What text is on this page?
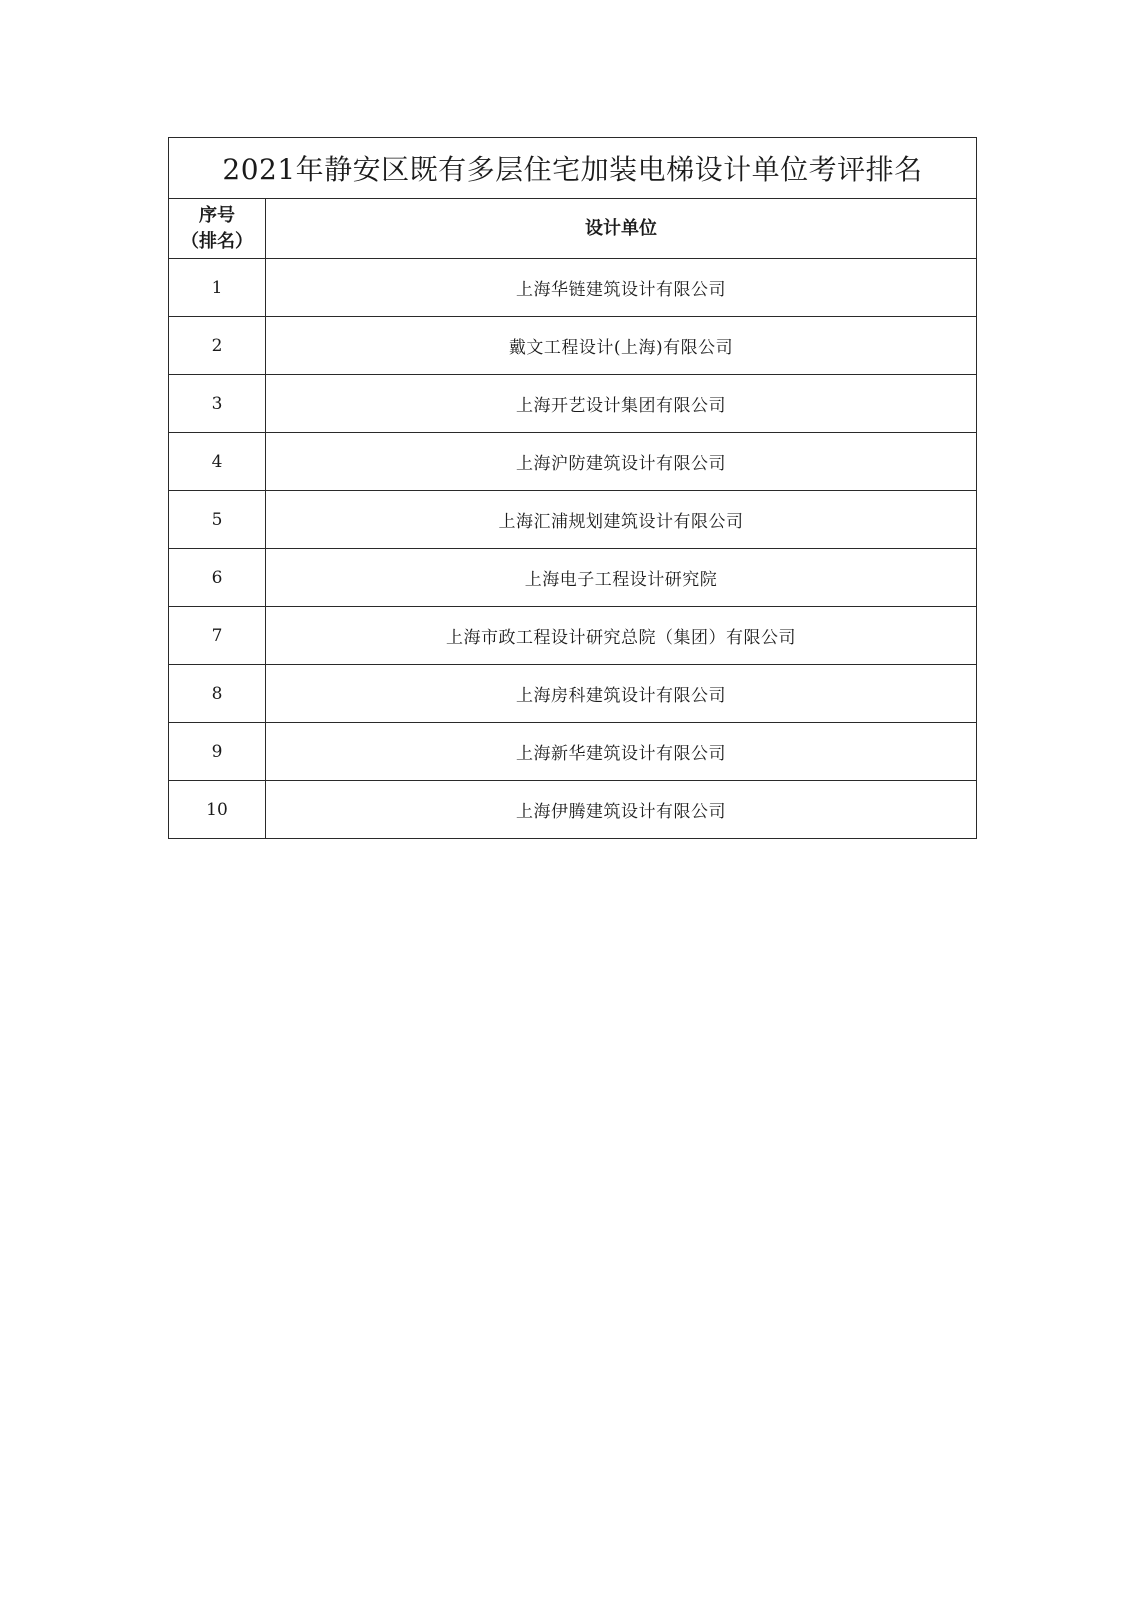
2021年静安区既有多层住宅加装电梯设计单位考评排名	

序号
（排名）	设计单位
1	上海华链建筑设计有限公司
2	戴文工程设计(上海)有限公司
3	上海开艺设计集团有限公司
4	上海沪防建筑设计有限公司
5	上海汇浦规划建筑设计有限公司
6	上海电子工程设计研究院
7	上海市政工程设计研究总院（集团）有限公司
8	上海房科建筑设计有限公司
9	上海新华建筑设计有限公司
10	上海伊腾建筑设计有限公司
